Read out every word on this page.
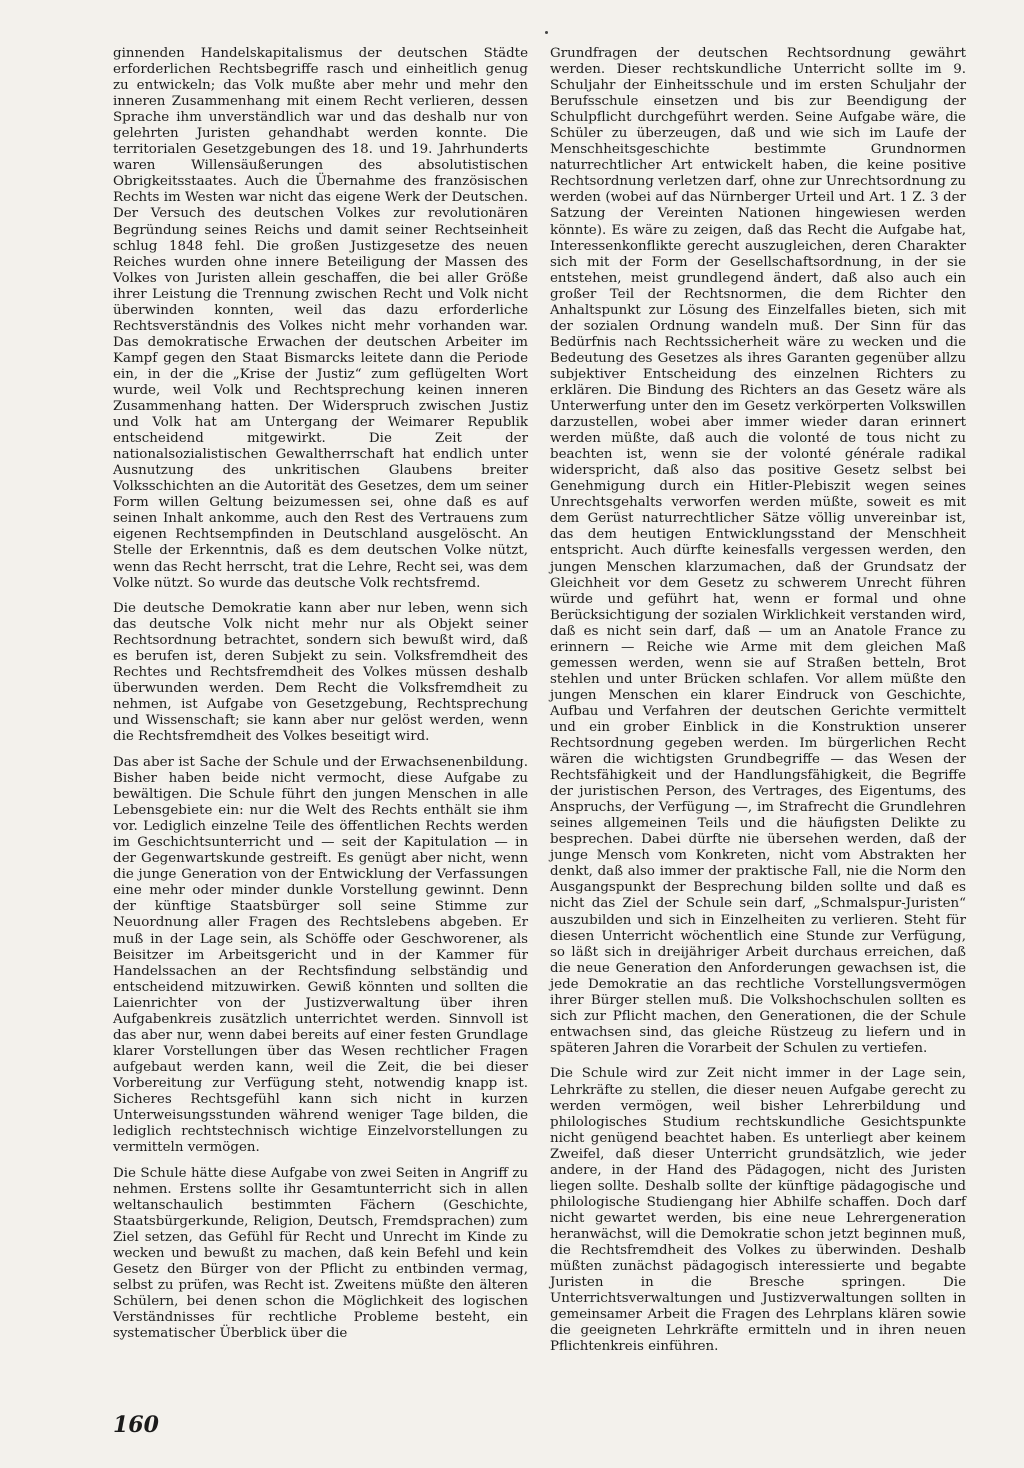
ginnenden Handelskapitalismus der deutschen Städte erforderlichen Rechtsbegriffe rasch und einheitlich genug zu entwickeln; das Volk mußte aber mehr und mehr den inneren Zusammenhang mit einem Recht verlieren, dessen Sprache ihm unverständlich war und das deshalb nur von gelehrten Juristen gehandhabt werden konnte. Die territorialen Gesetzgebungen des 18. und 19. Jahrhunderts waren Willensäußerungen des absolutistischen Obrigkeitsstaates. Auch die Übernahme des französischen Rechts im Westen war nicht das eigene Werk der Deutschen. Der Versuch des deutschen Volkes zur revolutionären Begründung seines Reichs und damit seiner Rechtseinheit schlug 1848 fehl. Die großen Justizgesetze des neuen Reiches wurden ohne innere Beteiligung der Massen des Volkes von Juristen allein geschaffen, die bei aller Größe ihrer Leistung die Trennung zwischen Recht und Volk nicht überwinden konnten, weil das dazu erforderliche Rechtsverständnis des Volkes nicht mehr vorhanden war. Das demokratische Erwachen der deutschen Arbeiter im Kampf gegen den Staat Bismarcks leitete dann die Periode ein, in der die „Krise der Justiz“ zum geflügelten Wort wurde, weil Volk und Rechtsprechung keinen inneren Zusammenhang hatten. Der Widerspruch zwischen Justiz und Volk hat am Untergang der Weimarer Republik entscheidend mitgewirkt. Die Zeit der nationalsozialistischen Gewaltherrschaft hat endlich unter Ausnutzung des unkritischen Glaubens breiter Volksschichten an die Autorität des Gesetzes, dem um seiner Form willen Geltung beizumessen sei, ohne daß es auf seinen Inhalt ankomme, auch den Rest des Vertrauens zum eigenen Rechtsempfinden in Deutschland ausgelöscht. An Stelle der Erkenntnis, daß es dem deutschen Volke nützt, wenn das Recht herrscht, trat die Lehre, Recht sei, was dem Volke nützt. So wurde das deutsche Volk rechtsfremd.

Die deutsche Demokratie kann aber nur leben, wenn sich das deutsche Volk nicht mehr nur als Objekt seiner Rechtsordnung betrachtet, sondern sich bewußt wird, daß es berufen ist, deren Subjekt zu sein. Volksfremdheit des Rechtes und Rechtsfremdheit des Volkes müssen deshalb überwunden werden. Dem Recht die Volksfremdheit zu nehmen, ist Aufgabe von Gesetzgebung, Rechtsprechung und Wissenschaft; sie kann aber nur gelöst werden, wenn die Rechtsfremdheit des Volkes beseitigt wird.

Das aber ist Sache der Schule und der Erwachsenenbildung. Bisher haben beide nicht vermocht, diese Aufgabe zu bewältigen. Die Schule führt den jungen Menschen in alle Lebensgebiete ein: nur die Welt des Rechts enthält sie ihm vor. Lediglich einzelne Teile des öffentlichen Rechts werden im Geschichtsunterricht und — seit der Kapitulation — in der Gegenwartskunde gestreift. Es genügt aber nicht, wenn die junge Generation von der Entwicklung der Verfassungen eine mehr oder minder dunkle Vorstellung gewinnt. Denn der künftige Staatsbürger soll seine Stimme zur Neuordnung aller Fragen des Rechtslebens abgeben. Er muß in der Lage sein, als Schöffe oder Geschworener, als Beisitzer im Arbeitsgericht und in der Kammer für Handelssachen an der Rechtsfindung selbständig und entscheidend mitzuwirken. Gewiß könnten und sollten die Laienrichter von der Justizverwaltung über ihren Aufgabenkreis zusätzlich unterrichtet werden. Sinnvoll ist das aber nur, wenn dabei bereits auf einer festen Grundlage klarer Vorstellungen über das Wesen rechtlicher Fragen aufgebaut werden kann, weil die Zeit, die bei dieser Vorbereitung zur Verfügung steht, notwendig knapp ist. Sicheres Rechtsgefühl kann sich nicht in kurzen Unterweisungsstunden während weniger Tage bilden, die lediglich rechtstechnisch wichtige Einzelvorstellungen zu vermitteln vermögen.

Die Schule hätte diese Aufgabe von zwei Seiten in Angriff zu nehmen. Erstens sollte ihr Gesamtunterricht sich in allen weltanschaulich bestimmten Fächern (Geschichte, Staatsbürgerkunde, Religion, Deutsch, Fremdsprachen) zum Ziel setzen, das Gefühl für Recht und Unrecht im Kinde zu wecken und bewußt zu machen, daß kein Befehl und kein Gesetz den Bürger von der Pflicht zu entbinden vermag, selbst zu prüfen, was Recht ist. Zweitens müßte den älteren Schülern, bei denen schon die Möglichkeit des logischen Verständnisses für rechtliche Probleme besteht, ein systematischer Überblick über die

Grundfragen der deutschen Rechtsordnung gewährt werden. Dieser rechtskundliche Unterricht sollte im 9. Schuljahr der Einheitsschule und im ersten Schuljahr der Berufsschule einsetzen und bis zur Beendigung der Schulpflicht durchgeführt werden. Seine Aufgabe wäre, die Schüler zu überzeugen, daß und wie sich im Laufe der Menschheitsgeschichte bestimmte Grundnormen naturrechtlicher Art entwickelt haben, die keine positive Rechtsordnung verletzen darf, ohne zur Unrechtsordnung zu werden (wobei auf das Nürnberger Urteil und Art. 1 Z. 3 der Satzung der Vereinten Nationen hingewiesen werden könnte). Es wäre zu zeigen, daß das Recht die Aufgabe hat, Interessenkonflikte gerecht auszugleichen, deren Charakter sich mit der Form der Gesellschaftsordnung, in der sie entstehen, meist grundlegend ändert, daß also auch ein großer Teil der Rechtsnormen, die dem Richter den Anhaltspunkt zur Lösung des Einzelfalles bieten, sich mit der sozialen Ordnung wandeln muß. Der Sinn für das Bedürfnis nach Rechtssicherheit wäre zu wecken und die Bedeutung des Gesetzes als ihres Garanten gegenüber allzu subjektiver Entscheidung des einzelnen Richters zu erklären. Die Bindung des Richters an das Gesetz wäre als Unterwerfung unter den im Gesetz verkörperten Volkswillen darzustellen, wobei aber immer wieder daran erinnert werden müßte, daß auch die volonté de tous nicht zu beachten ist, wenn sie der volonté générale radikal widerspricht, daß also das positive Gesetz selbst bei Genehmigung durch ein Hitler-Plebiszit wegen seines Unrechtsgehalts verworfen werden müßte, soweit es mit dem Gerüst naturrechtlicher Sätze völlig unvereinbar ist, das dem heutigen Entwicklungsstand der Menschheit entspricht. Auch dürfte keinesfalls vergessen werden, den jungen Menschen klarzumachen, daß der Grundsatz der Gleichheit vor dem Gesetz zu schwerem Unrecht führen würde und geführt hat, wenn er formal und ohne Berücksichtigung der sozialen Wirklichkeit verstanden wird, daß es nicht sein darf, daß — um an Anatole France zu erinnern — Reiche wie Arme mit dem gleichen Maß gemessen werden, wenn sie auf Straßen betteln, Brot stehlen und unter Brücken schlafen. Vor allem müßte den jungen Menschen ein klarer Eindruck von Geschichte, Aufbau und Verfahren der deutschen Gerichte vermittelt und ein grober Einblick in die Konstruktion unserer Rechtsordnung gegeben werden. Im bürgerlichen Recht wären die wichtigsten Grundbegriffe — das Wesen der Rechtsfähigkeit und der Handlungsfähigkeit, die Begriffe der juristischen Person, des Vertrages, des Eigentums, des Anspruchs, der Verfügung —, im Strafrecht die Grundlehren seines allgemeinen Teils und die häufigsten Delikte zu besprechen. Dabei dürfte nie übersehen werden, daß der junge Mensch vom Konkreten, nicht vom Abstrakten her denkt, daß also immer der praktische Fall, nie die Norm den Ausgangspunkt der Besprechung bilden sollte und daß es nicht das Ziel der Schule sein darf, „Schmalspur-Juristen“ auszubilden und sich in Einzelheiten zu verlieren. Steht für diesen Unterricht wöchentlich eine Stunde zur Verfügung, so läßt sich in dreijähriger Arbeit durchaus erreichen, daß die neue Generation den Anforderungen gewachsen ist, die jede Demokratie an das rechtliche Vorstellungsvermögen ihrer Bürger stellen muß. Die Volkshochschulen sollten es sich zur Pflicht machen, den Generationen, die der Schule entwachsen sind, das gleiche Rüstzeug zu liefern und in späteren Jahren die Vorarbeit der Schulen zu vertiefen.

Die Schule wird zur Zeit nicht immer in der Lage sein, Lehrkräfte zu stellen, die dieser neuen Aufgabe gerecht zu werden vermögen, weil bisher Lehrerbildung und philologisches Studium rechtskundliche Gesichtspunkte nicht genügend beachtet haben. Es unterliegt aber keinem Zweifel, daß dieser Unterricht grundsätzlich, wie jeder andere, in der Hand des Pädagogen, nicht des Juristen liegen sollte. Deshalb sollte der künftige pädagogische und philologische Studiengang hier Abhilfe schaffen. Doch darf nicht gewartet werden, bis eine neue Lehrergeneration heranwächst, will die Demokratie schon jetzt beginnen muß, die Rechtsfremdheit des Volkes zu überwinden. Deshalb müßten zunächst pädagogisch interessierte und begabte Juristen in die Bresche springen. Die Unterrichtsverwaltungen und Justizverwaltungen sollten in gemeinsamer Arbeit die Fragen des Lehrplans klären sowie die geeigneten Lehrkräfte ermitteln und in ihren neuen Pflichtenkreis einführen.

160
